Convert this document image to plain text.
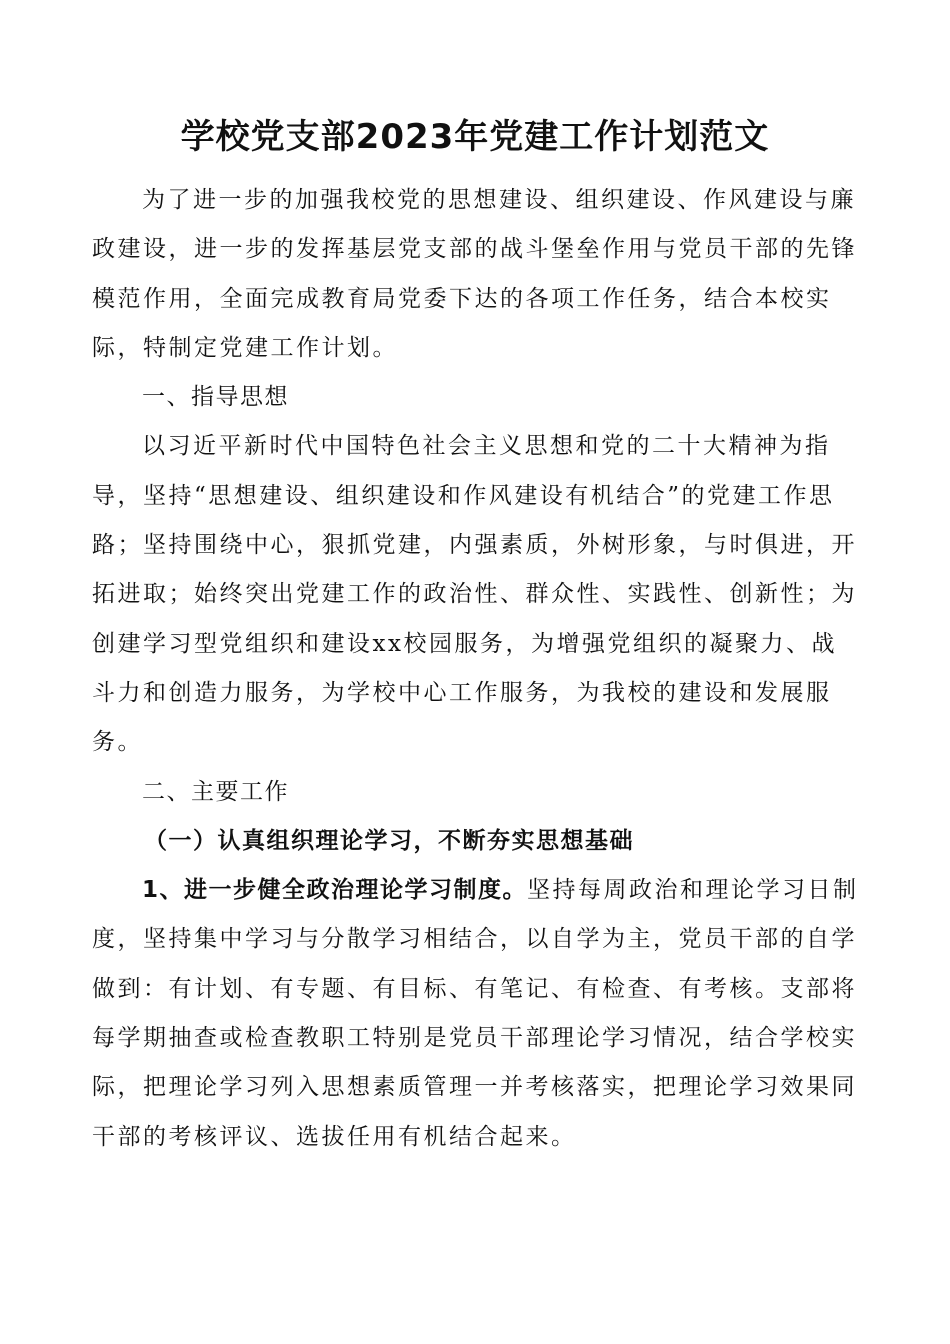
学校党支部2023年党建工作计划范文

为了进一步的加强我校党的思想建设、组织建设、作风建设与廉政建设，进一步的发挥基层党支部的战斗堡垒作用与党员干部的先锋模范作用，全面完成教育局党委下达的各项工作任务，结合本校实际，特制定党建工作计划。

一、指导思想

以习近平新时代中国特色社会主义思想和党的二十大精神为指导，坚持“思想建设、组织建设和作风建设有机结合”的党建工作思路；坚持围绕中心，狠抓党建，内强素质，外树形象，与时俱进，开拓进取；始终突出党建工作的政治性、群众性、实践性、创新性；为创建学习型党组织和建设xx校园服务，为增强党组织的凝聚力、战斗力和创造力服务，为学校中心工作服务，为我校的建设和发展服务。

二、主要工作

（一）认真组织理论学习，不断夯实思想基础

1、进一步健全政治理论学习制度。坚持每周政治和理论学习日制度，坚持集中学习与分散学习相结合，以自学为主，党员干部的自学做到：有计划、有专题、有目标、有笔记、有检查、有考核。支部将每学期抽查或检查教职工特别是党员干部理论学习情况，结合学校实际，把理论学习列入思想素质管理一并考核落实，把理论学习效果同干部的考核评议、选拔任用有机结合起来。
